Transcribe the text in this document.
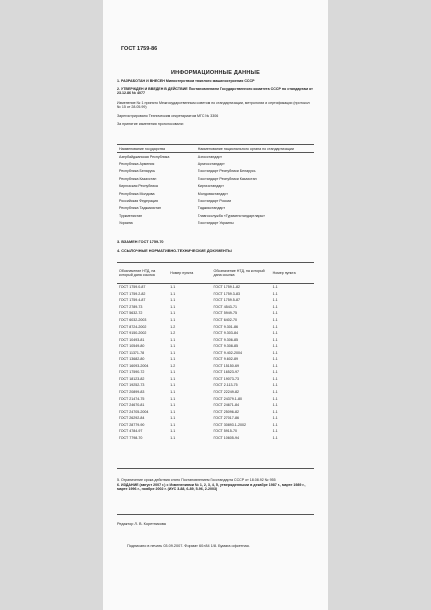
ГОСТ 1759-86
ИНФОРМАЦИОННЫЕ ДАННЫЕ
1. РАЗРАБОТАН И ВНЕСЕН Министерством тяжелого машиностроения СССР
2. УТВЕРЖДЕН И ВВЕДЕН В ДЕЙСТВИЕ Постановлением Государственного комитета СССР по стандартам от 23.12.86 № 4077
Изменение № 1 принято Межгосударственным советом по стандартизации, метрологии и сертификации (протокол № 15 от 28.05.99)
Зарегистрировано Техническим секретариатом МГС № 3306
За принятие изменения проголосовали:
Наименование государства	Наименование национального органа по стандартизации
Азербайджанская Республика	Азгосстандарт
Республика Армения	Армгосстандарт
Республика Беларусь	Госстандарт Республики Беларусь
Республика Казахстан	Госстандарт Республики Казахстан
Киргизская Республика	Киргизстандарт
Республика Молдова	Молдовастандарт
Российская Федерация	Госстандарт России
Республика Таджикистан	Таджикстандарт
Туркменистан	Главгосслужба «Туркменстандартлары»
Украина	Госстандарт Украины
3. ВЗАМЕН ГОСТ 1759-70
4. ССЫЛОЧНЫЕ НОРМАТИВНО-ТЕХНИЧЕСКИЕ ДОКУМЕНТЫ
Обозначение НТД, на который дана ссылка	Номер пункта	Обозначение НТД, на который дана ссылка	Номер пункта
ГОСТ 1759.0-87	1.1	ГОСТ 1759.1-82	1.1
ГОСТ 1759.2-82	1.1	ГОСТ 1759.3-83	1.1
ГОСТ 1759.4-87	1.1	ГОСТ 1759.5-87	1.1
ГОСТ 2789-73	1.1	ГОСТ 4543-71	1.1
ГОСТ 5632-72	1.1	ГОСТ 5949-75	1.1
ГОСТ 6032-2003	1.1	ГОСТ 6402-70	1.1
ГОСТ 8724-2002	1.2	ГОСТ 9.301-86	1.1
ГОСТ 9150-2002	1.2	ГОСТ 9.303-84	1.1
ГОСТ 10493-81	1.1	ГОСТ 9.306-85	1.1
ГОСТ 10549-80	1.1	ГОСТ 9.308-85	1.1
ГОСТ 11371-78	1.1	ГОСТ 9.402-2004	1.1
ГОСТ 13682-80	1.1	ГОСТ 9.602-89	1.1
ГОСТ 16093-2004	1.2	ГОСТ 15150-69	1.1
ГОСТ 17590-72	1.1	ГОСТ 16523-97	1.1
ГОСТ 18123-82	1.1	ГОСТ 19073-73	1.1
ГОСТ 19252-73	1.1	ГОСТ 2.113-75	1.1
ГОСТ 20899-83	1.1	ГОСТ 22249-82	1.1
ГОСТ 21474-75	1.1	ГОСТ 24379.1-80	1.1
ГОСТ 24670-81	1.1	ГОСТ 24671-84	1.1
ГОСТ 24705-2004	1.1	ГОСТ 25096-82	1.1
ГОСТ 26292-84	1.1	ГОСТ 27017-86	1.1
ГОСТ 28779-90	1.1	ГОСТ 30893.1-2002	1.1
ГОСТ 4784-97	1.1	ГОСТ 5915-70	1.1
ГОСТ 7798-70	1.1	ГОСТ 10605-94	1.1
5. Ограничение срока действия снято Постановлением Госстандарта СССР от 18.08.92 № 955
6. ИЗДАНИЕ (август 2007 г.) с Изменениями № 1, 2, 3, 4, 5, утвержденными в декабре 1987 г., марте 1989 г., марте 1996 г., ноябре 2002 г. (ИУС 3-88, 6-89, 5-96, 2-2003)
Редактор Л. В. Коретникова
Подписано в печать 03.09.2007. Формат 60×84 1/8. Бумага офсетная.
